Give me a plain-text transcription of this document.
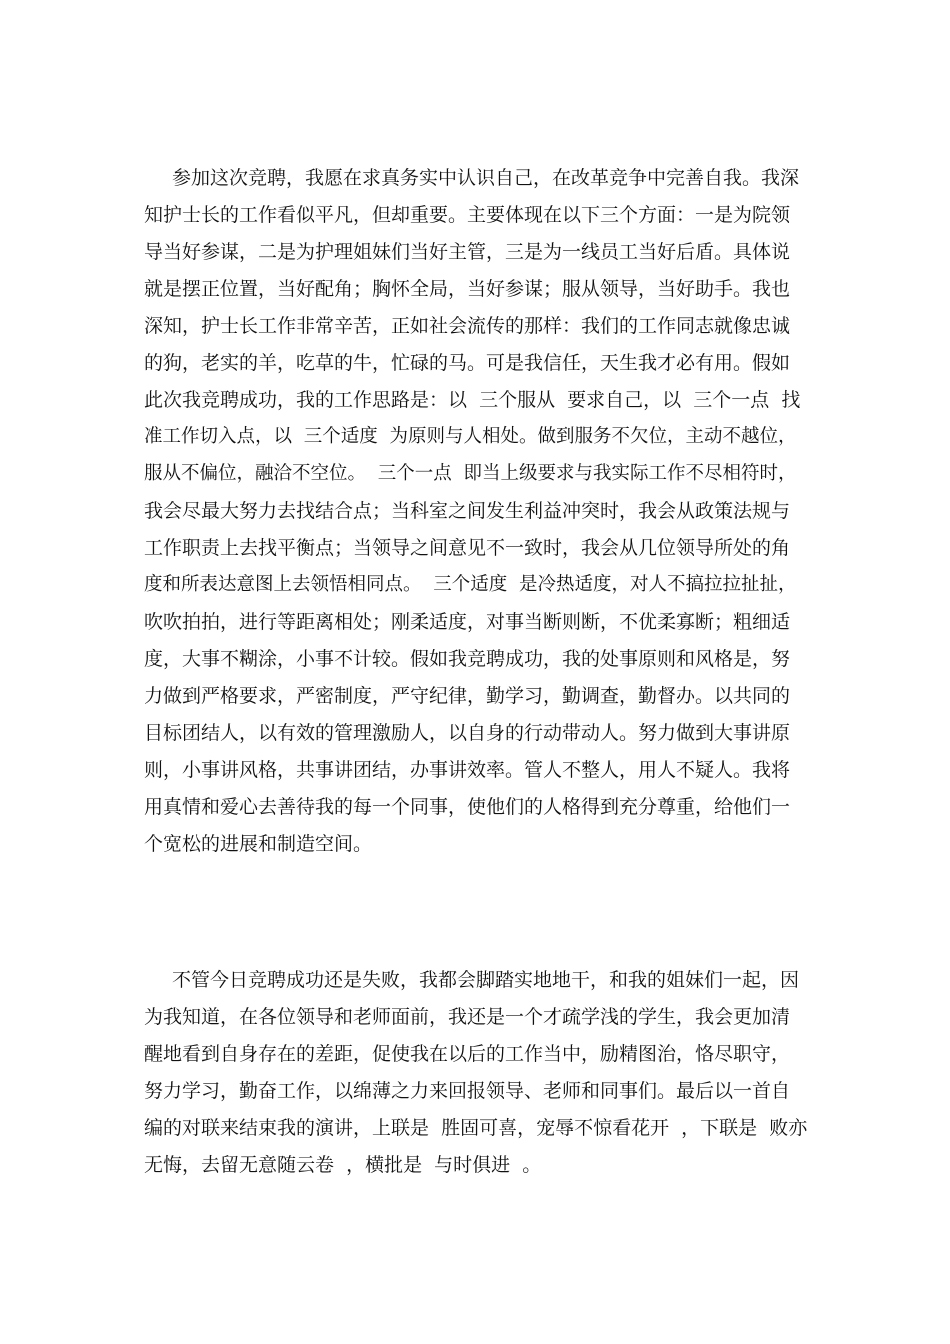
参加这次竞聘，我愿在求真务实中认识自己，在改革竞争中完善自我。我深
知护士长的工作看似平凡，但却重要。主要体现在以下三个方面：一是为院领
导当好参谋，二是为护理姐妹们当好主管，三是为一线员工当好后盾。具体说
就是摆正位置，当好配角；胸怀全局，当好参谋；服从领导，当好助手。我也
深知，护士长工作非常辛苦，正如社会流传的那样：我们的工作同志就像忠诚
的狗，老实的羊，吃草的牛，忙碌的马。可是我信任，天生我才必有用。假如
此次我竞聘成功，我的工作思路是：以  三个服从  要求自己，以  三个一点  找
准工作切入点，以  三个适度  为原则与人相处。做到服务不欠位，主动不越位，
服从不偏位，融洽不空位。  三个一点  即当上级要求与我实际工作不尽相符时，
我会尽最大努力去找结合点；当科室之间发生利益冲突时，我会从政策法规与
工作职责上去找平衡点；当领导之间意见不一致时，我会从几位领导所处的角
度和所表达意图上去领悟相同点。  三个适度  是冷热适度，对人不搞拉拉扯扯，
吹吹拍拍，进行等距离相处；刚柔适度，对事当断则断，不优柔寡断；粗细适
度，大事不糊涂，小事不计较。假如我竞聘成功，我的处事原则和风格是，努
力做到严格要求，严密制度，严守纪律，勤学习，勤调查，勤督办。以共同的
目标团结人，以有效的管理激励人，以自身的行动带动人。努力做到大事讲原
则，小事讲风格，共事讲团结，办事讲效率。管人不整人，用人不疑人。我将
用真情和爱心去善待我的每一个同事，使他们的人格得到充分尊重，给他们一
个宽松的进展和制造空间。
不管今日竞聘成功还是失败，我都会脚踏实地地干，和我的姐妹们一起，因
为我知道，在各位领导和老师面前，我还是一个才疏学浅的学生，我会更加清
醒地看到自身存在的差距，促使我在以后的工作当中，励精图治，恪尽职守，
努力学习，勤奋工作，以绵薄之力来回报领导、老师和同事们。最后以一首自
编的对联来结束我的演讲，上联是  胜固可喜，宠辱不惊看花开  ，下联是  败亦
无悔，去留无意随云卷  ，横批是  与时俱进  。
